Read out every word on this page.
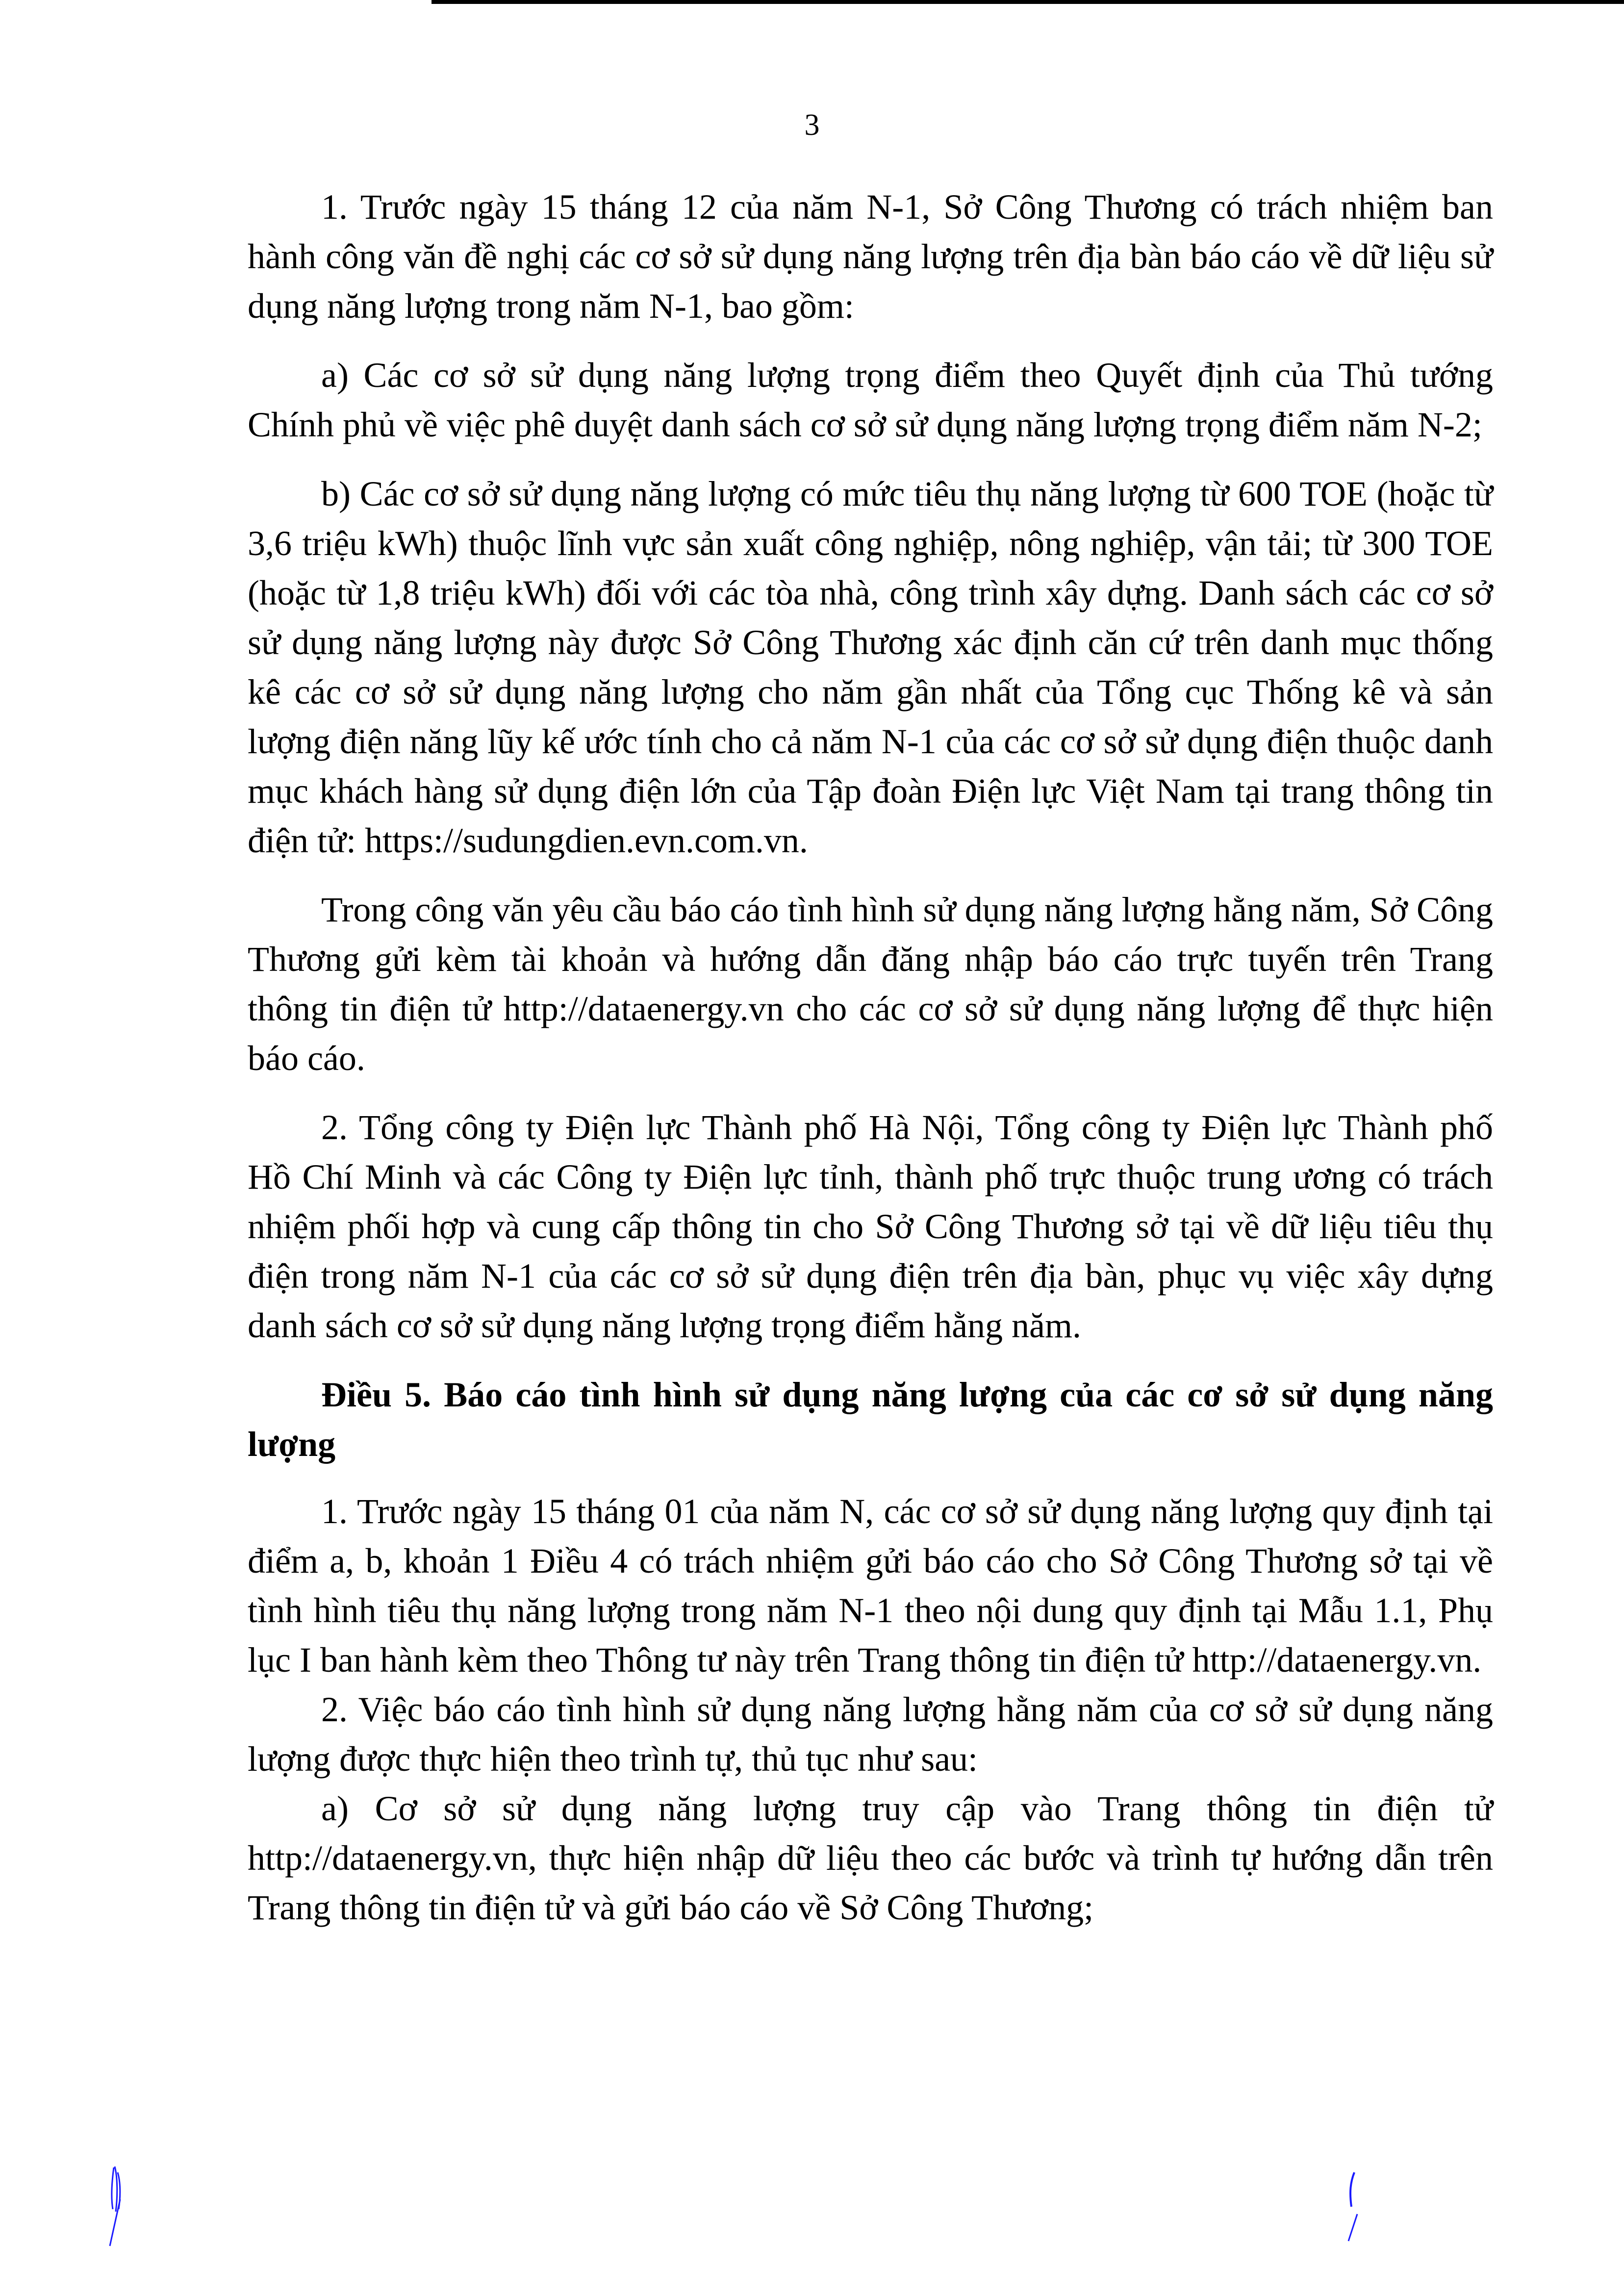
3

1. Trước ngày 15 tháng 12 của năm N-1, Sở Công Thương có trách nhiệm ban hành công văn đề nghị các cơ sở sử dụng năng lượng trên địa bàn báo cáo về dữ liệu sử dụng năng lượng trong năm N-1, bao gồm:

a) Các cơ sở sử dụng năng lượng trọng điểm theo Quyết định của Thủ tướng Chính phủ về việc phê duyệt danh sách cơ sở sử dụng năng lượng trọng điểm năm N-2;

b) Các cơ sở sử dụng năng lượng có mức tiêu thụ năng lượng từ 600 TOE (hoặc từ 3,6 triệu kWh) thuộc lĩnh vực sản xuất công nghiệp, nông nghiệp, vận tải; từ 300 TOE (hoặc từ 1,8 triệu kWh) đối với các tòa nhà, công trình xây dựng. Danh sách các cơ sở sử dụng năng lượng này được Sở Công Thương xác định căn cứ trên danh mục thống kê các cơ sở sử dụng năng lượng cho năm gần nhất của Tổng cục Thống kê và sản lượng điện năng lũy kế ước tính cho cả năm N-1 của các cơ sở sử dụng điện thuộc danh mục khách hàng sử dụng điện lớn của Tập đoàn Điện lực Việt Nam tại trang thông tin điện tử: https://sudungdien.evn.com.vn.

Trong công văn yêu cầu báo cáo tình hình sử dụng năng lượng hằng năm, Sở Công Thương gửi kèm tài khoản và hướng dẫn đăng nhập báo cáo trực tuyến trên Trang thông tin điện tử http://dataenergy.vn cho các cơ sở sử dụng năng lượng để thực hiện báo cáo.

2. Tổng công ty Điện lực Thành phố Hà Nội, Tổng công ty Điện lực Thành phố Hồ Chí Minh và các Công ty Điện lực tỉnh, thành phố trực thuộc trung ương có trách nhiệm phối hợp và cung cấp thông tin cho Sở Công Thương sở tại về dữ liệu tiêu thụ điện trong năm N-1 của các cơ sở sử dụng điện trên địa bàn, phục vụ việc xây dựng danh sách cơ sở sử dụng năng lượng trọng điểm hằng năm.

Điều 5. Báo cáo tình hình sử dụng năng lượng của các cơ sở sử dụng năng lượng

1. Trước ngày 15 tháng 01 của năm N, các cơ sở sử dụng năng lượng quy định tại điểm a, b, khoản 1 Điều 4 có trách nhiệm gửi báo cáo cho Sở Công Thương sở tại về tình hình tiêu thụ năng lượng trong năm N-1 theo nội dung quy định tại Mẫu 1.1, Phụ lục I ban hành kèm theo Thông tư này trên Trang thông tin điện tử http://dataenergy.vn.

2. Việc báo cáo tình hình sử dụng năng lượng hằng năm của cơ sở sử dụng năng lượng được thực hiện theo trình tự, thủ tục như sau:

a) Cơ sở sử dụng năng lượng truy cập vào Trang thông tin điện tử http://dataenergy.vn, thực hiện nhập dữ liệu theo các bước và trình tự hướng dẫn trên Trang thông tin điện tử và gửi báo cáo về Sở Công Thương;
